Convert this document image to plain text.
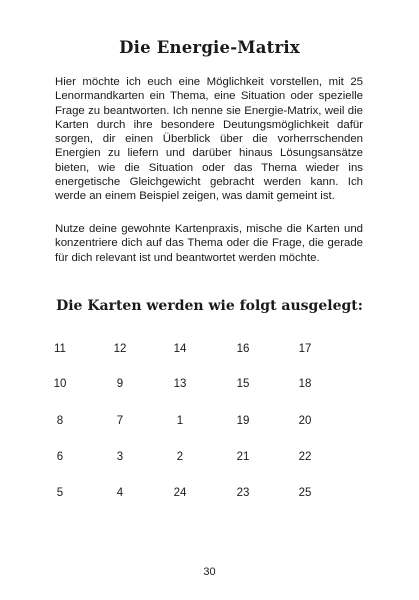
Die Energie-Matrix

Hier möchte ich euch eine Möglichkeit vorstellen, mit 25 Lenormandkarten ein Thema, eine Situation oder spezielle Frage zu beantworten. Ich nenne sie Energie-Matrix, weil die Karten durch ihre besondere Deutungsmöglichkeit dafür sorgen, dir einen Überblick über die vorherrschenden Energien zu liefern und darüber hinaus Lösungsansätze bieten, wie die Situation oder das Thema wieder ins energetische Gleichgewicht gebracht werden kann. Ich werde an einem Beispiel zeigen, was damit gemeint ist.

Nutze deine gewohnte Kartenpraxis, mische die Karten und konzentriere dich auf das Thema oder die Frage, die gerade für dich relevant ist und beantwortet werden möchte.

Die Karten werden wie folgt ausgelegt:
11	12	14	16	17
10	9	13	15	18
8	7	1	19	20
6	3	2	21	22
5	4	24	23	25
30
